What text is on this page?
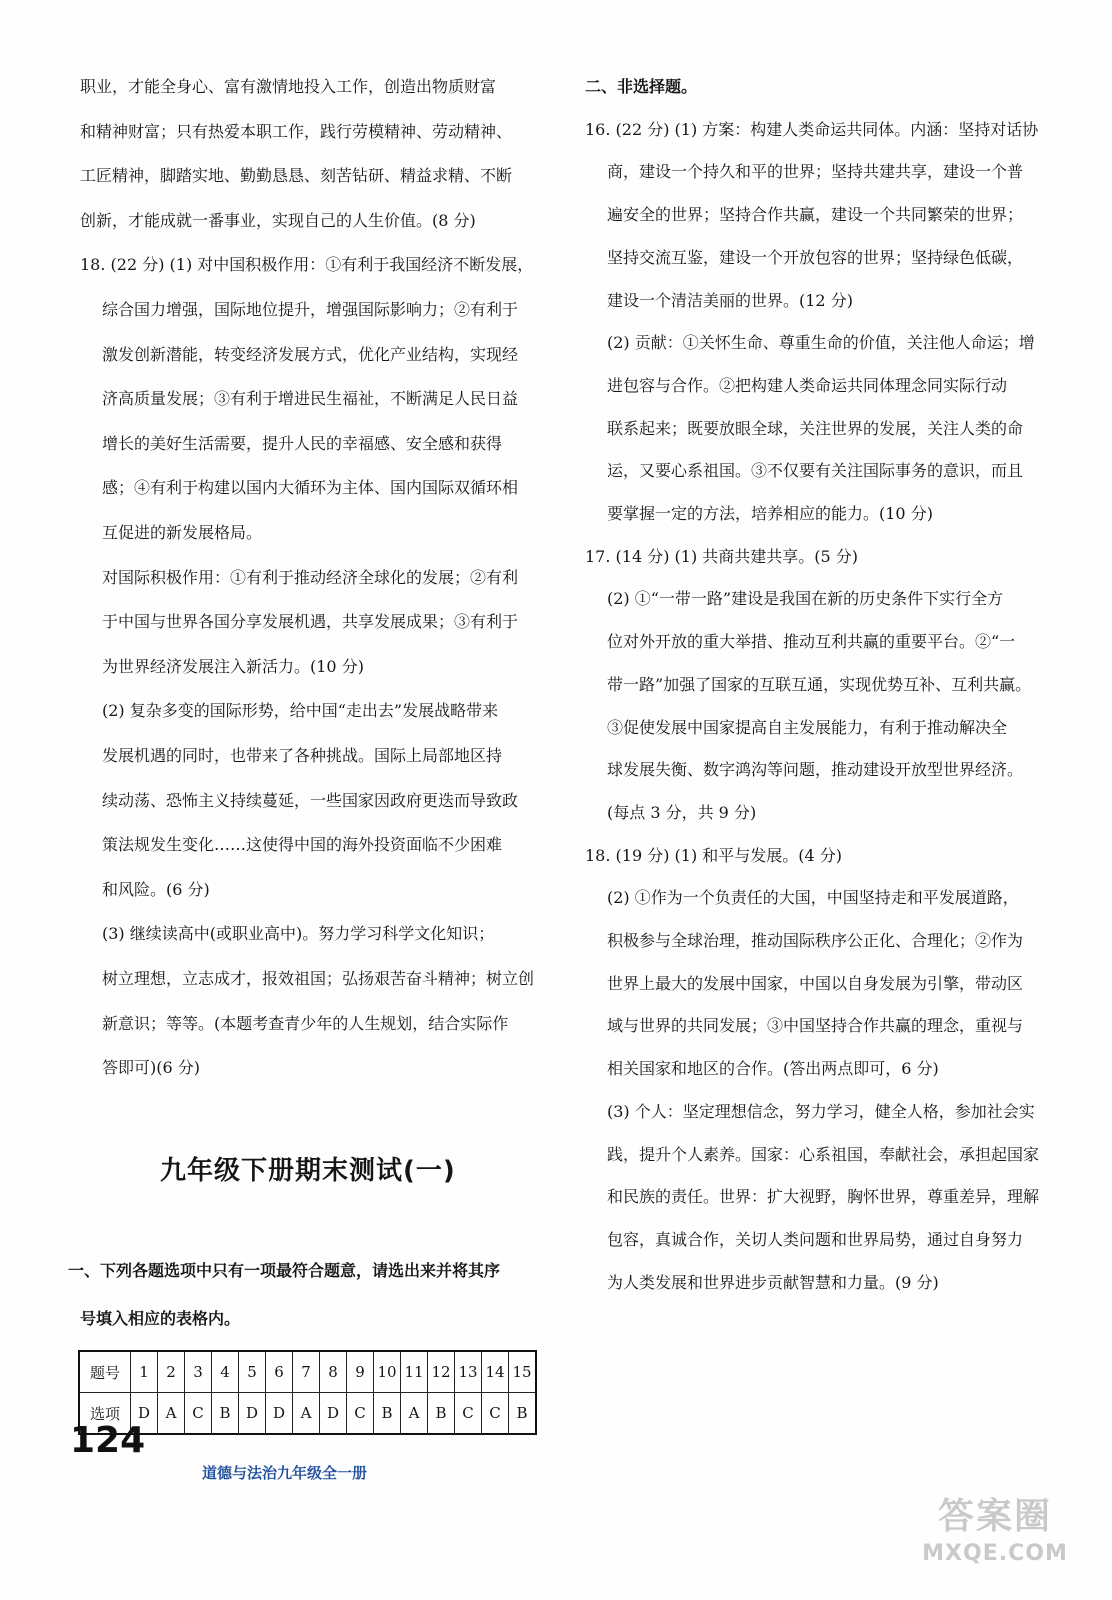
职业，才能全身心、富有激情地投入工作，创造出物质财富
和精神财富；只有热爱本职工作，践行劳模精神、劳动精神、
工匠精神，脚踏实地、勤勤恳恳、刻苦钻研、精益求精、不断
创新，才能成就一番事业，实现自己的人生价值。(8 分)
18. (22 分) (1) 对中国积极作用：①有利于我国经济不断发展，
综合国力增强，国际地位提升，增强国际影响力；②有利于
激发创新潜能，转变经济发展方式，优化产业结构，实现经
济高质量发展；③有利于增进民生福祉，不断满足人民日益
增长的美好生活需要，提升人民的幸福感、安全感和获得
感；④有利于构建以国内大循环为主体、国内国际双循环相
互促进的新发展格局。
对国际积极作用：①有利于推动经济全球化的发展；②有利
于中国与世界各国分享发展机遇，共享发展成果；③有利于
为世界经济发展注入新活力。(10 分)
(2) 复杂多变的国际形势，给中国“走出去”发展战略带来
发展机遇的同时，也带来了各种挑战。国际上局部地区持
续动荡、恐怖主义持续蔓延，一些国家因政府更迭而导致政
策法规发生变化……这使得中国的海外投资面临不少困难
和风险。(6 分)
(3) 继续读高中(或职业高中)。努力学习科学文化知识；
树立理想，立志成才，报效祖国；弘扬艰苦奋斗精神；树立创
新意识；等等。(本题考查青少年的人生规划，结合实际作
答即可)(6 分)
二、非选择题。
16. (22 分) (1) 方案：构建人类命运共同体。内涵：坚持对话协
商，建设一个持久和平的世界；坚持共建共享，建设一个普
遍安全的世界；坚持合作共赢，建设一个共同繁荣的世界；
坚持交流互鉴，建设一个开放包容的世界；坚持绿色低碳，
建设一个清洁美丽的世界。(12 分)
(2) 贡献：①关怀生命、尊重生命的价值，关注他人命运；增
进包容与合作。②把构建人类命运共同体理念同实际行动
联系起来；既要放眼全球，关注世界的发展，关注人类的命
运，又要心系祖国。③不仅要有关注国际事务的意识，而且
要掌握一定的方法，培养相应的能力。(10 分)
17. (14 分) (1) 共商共建共享。(5 分)
(2) ①“一带一路”建设是我国在新的历史条件下实行全方
位对外开放的重大举措、推动互利共赢的重要平台。②“一
带一路”加强了国家的互联互通，实现优势互补、互利共赢。
③促使发展中国家提高自主发展能力，有利于推动解决全
球发展失衡、数字鸿沟等问题，推动建设开放型世界经济。
(每点 3 分，共 9 分)
18. (19 分) (1) 和平与发展。(4 分)
(2) ①作为一个负责任的大国，中国坚持走和平发展道路，
积极参与全球治理，推动国际秩序公正化、合理化；②作为
世界上最大的发展中国家，中国以自身发展为引擎，带动区
域与世界的共同发展；③中国坚持合作共赢的理念，重视与
相关国家和地区的合作。(答出两点即可，6 分)
(3) 个人：坚定理想信念，努力学习，健全人格，参加社会实
践，提升个人素养。国家：心系祖国，奉献社会，承担起国家
和民族的责任。世界：扩大视野，胸怀世界，尊重差异，理解
包容，真诚合作，关切人类问题和世界局势，通过自身努力
为人类发展和世界进步贡献智慧和力量。(9 分)
九年级下册期末测试(一)
一、下列各题选项中只有一项最符合题意，请选出来并将其序
号填入相应的表格内。
题号	1	2	3	4	5	6	7	8	9	10	11	12	13	14	15
选项	D	A	C	B	D	D	A	D	C	B	A	B	C	C	B
124
道德与法治九年级全一册
答案圈
MXQE.COM
